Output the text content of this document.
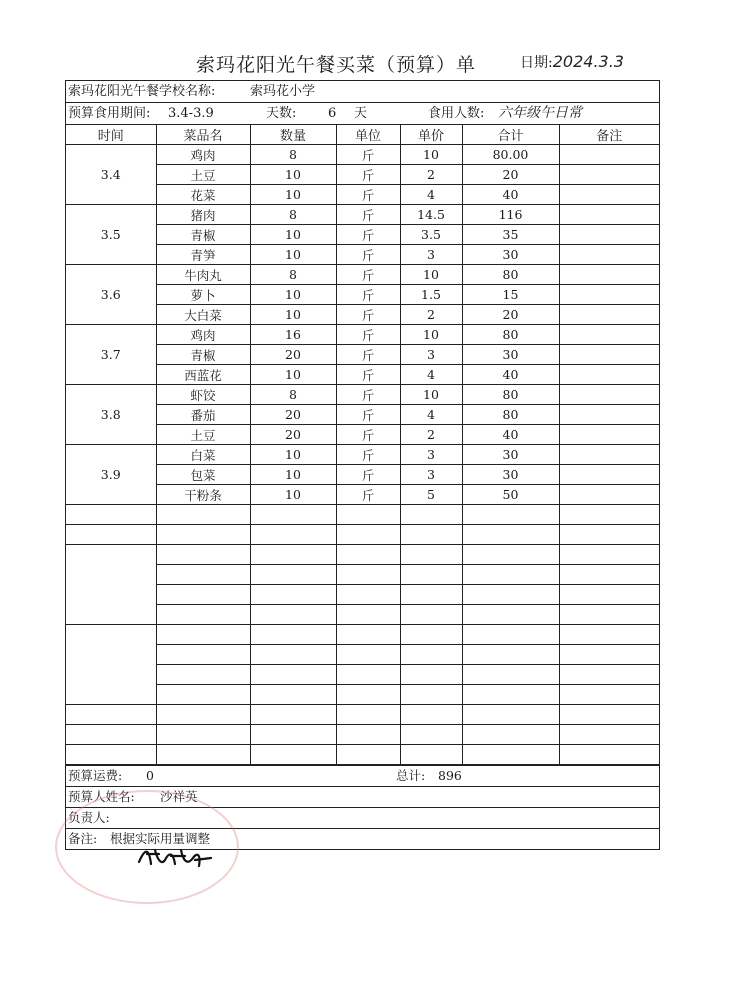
索玛花阳光午餐买菜（预算）单	日期:2024.3.3
索玛花阳光午餐学校名称:	索玛花小学
预算食用期间: 3.4-3.9	天数: 6 天	食用人数: 六年级午日常
时间	菜品名	数量	单位	单价	合计	备注
3.4	鸡肉	8	斤	10	80.00	
	土豆	10	斤	2	20	
	花菜	10	斤	4	40	
3.5	猪肉	8	斤	14.5	116	
	青椒	10	斤	3.5	35	
	青笋	10	斤	3	30	
3.6	牛肉丸	8	斤	10	80	
	萝卜	10	斤	1.5	15	
	大白菜	10	斤	2	20	
3.7	鸡肉	16	斤	10	80	
	青椒	20	斤	3	30	
	西蓝花	10	斤	4	40	
3.8	虾饺	8	斤	10	80	
	番茄	20	斤	4	80	
	土豆	20	斤	2	40	
3.9	白菜	10	斤	3	30	
	包菜	10	斤	3	30	
	干粉条	10	斤	5	50	

预算运费: 0	总计: 896
预算人姓名: 沙祥英
负责人:
备注: 根据实际用量调整
